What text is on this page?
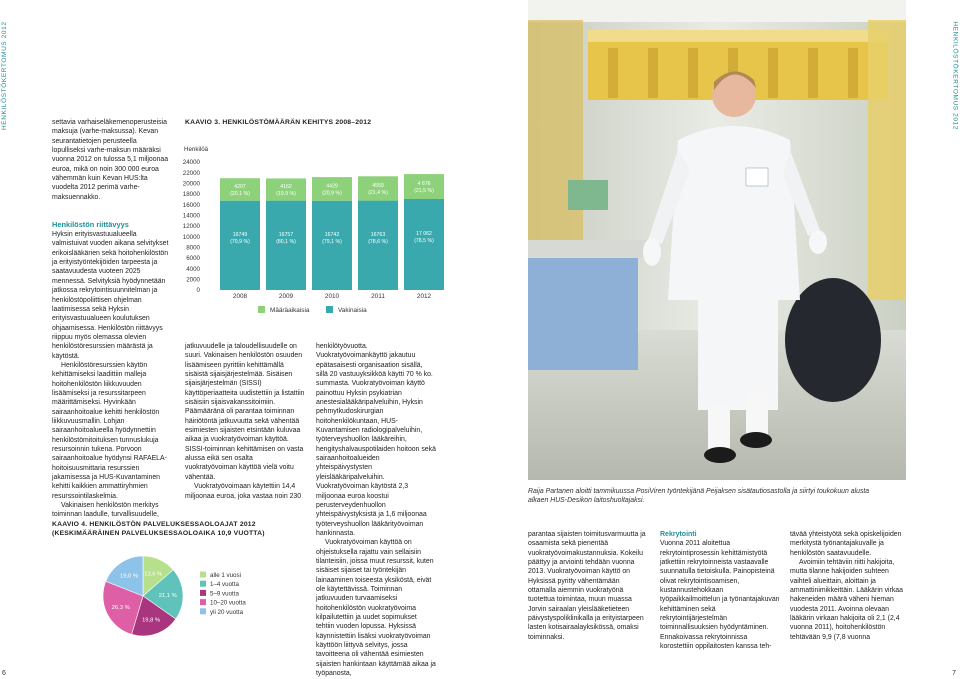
HENKILÖSTÖKERTOMUS 2012	HENKILÖSTÖKERTOMUS 2012

settavia varhaiseläkemenoperusteisia maksuja (varhe-maksussa). Kevan seurantatietojen perusteella lopulliseksi varhe-maksun määräksi vuonna 2012 on tulossa 5,1 miljoonaa euroa, mikä on noin 300 000 euroa vähemmän kuin Kevan HUS:lta vuodelta 2012 perimä varhe-maksuennakko.

Henkilöstön riittävyys

Hyksin erityisvastuualueella valmistuivat vuoden aikana selvitykset erikoislääkärien sekä hoitohenkilöstön ja erityistyöntekijöiden tarpeesta ja saatavuudesta vuoteen 2025 mennessä. Selvityksiä hyödynnetään jatkossa rekrytointisuunnitelman ja henkilöstöpoliittisen ohjelman laatimisessa sekä Hyksin erityisvastuualueen koulutuksen ohjaamisessa. Henkilöstön riittävyys riippuu myös olemassa olevien henkilöstöresurssien määrästä ja käytöstä.

Henkilöstöresurssien käytön kehittämiseksi laadittiin malleja hoitohenkilöstön liikkuvuuden lisäämiseksi ja resurssitarpeen määrittämiseksi. Hyvinkään sairaanhoitoalue kehitti henkilöstön liikkuvuusmallin. Lohjan sairaanhoitoalueella hyödynnettiin henkilöstömitoituksen tunnuslukuja resursoinnin tukena. Porvoon sairaanhoitoalue hyödynsi RAFAELA-hoitoisuusmittaria resurssien jakamisessa ja HUS-Kuvantaminen kehitti kaikkien ammattiryhmien resurssointilaskelmia.

Vakinaisen henkilöstön merkitys toiminnan laadulle, turvallisuudelle,

KAAVIO 3. HENKILÖSTÖMÄÄRÄN KEHITYS 2008–2012
Henkilöä
0
2000
4000
6000
8000
10000
12000
14000
16000
18000
20000
22000
24000
16749
(79,9 %)
4207
(20,1 %)
2008
16757
(80,1 %)
4162
(19,9 %)
2009
16742
(79,1 %)
4429
(20,9 %)
2010
16763
(78,6 %)
4559
(21,4 %)
2011
17 062
(78,5 %)
4 676
(21,5 %)
2012
Määräaikaisia	Vakinaisia

jatkuvuudelle ja taloudellisuudelle on suuri. Vakinaisen henkilöstön osuuden lisäämiseen pyrittiin kehittämällä sisäistä sijaisjärjestelmää. Sisäisen sijaisjärjestelmän (SISSI) käyttöperiaatteita uudistettiin ja listattiin sisäisiin sijaisvakanssitoimiin. Päämääränä oli parantaa toiminnan häiriötöntä jatkuvuutta sekä vähentää esimiesten sijaisten etsintään kuluvaa aikaa ja vuokratyövoiman käyttöä. SISSI-toiminnan kehittämisen on vasta alussa eikä sen osalta vuokratyövoiman käyttöä vielä voitu vähentää.

Vuokratyövoimaan käytettiin 14,4 miljoonaa euroa, joka vastaa noin 230

henkilötyövuotta. Vuokratyövoimankäyttö jakautuu epätasaisesti organisaation sisällä, sillä 20 vastuuyksikköä käytti 70 % ko. summasta. Vuokratyövoiman käyttö painottuu Hyksin psykiatrian anestesialääkäripalveluihin, Hyksin pehmytkudoskirurgian hoitohenkilökuntaan, HUS-Kuvantamisen radiologipalveluihin, työterveyshuollon lääkäreihin, hengityshalvauspotilaiden hoitoon sekä sairaanhoitoalueiden yhteispäivystysten yleislääkäripalveluihin. Vuokratyövoiman käytöstä 2,3 miljoonaa euroa koostui perusterveydenhuollon yhteispäivystyksistä ja 1,6 miljoonaa työterveyshuollon lääkärityövoiman hankinnasta.

Vuokratyövoiman käyttöä on ohjeistuksella rajattu vain sellaisiin tilanteisiin, joissa muut resurssit, kuten sisäiset sijaiset tai työntekijän lainaaminen toiseesta yksiköstä, eivät ole käytettävissä. Toiminnan jatkuvuuden turvaamiseksi hoitohenkilöstön vuokratyövoima kilpailutettiin ja uudet sopimukset tehtiin vuoden lopussa. Hyksissä käynnistettiin lisäksi vuokratyövoiman käyttöön liittyvä selvitys, jossa tavoitteena oli vähentää esimiesten sijaisten hankintaan käyttämää aikaa ja työpanosta,

KAAVIO 4. HENKILÖSTÖN PALVELUKSESSAOLOAJAT 2012 (KESKIMÄÄRÄINEN PALVELUKSESSAOLOAIKA 10,9 VUOTTA)
13,6 %
21,1 %
19,8 %
26,3 %
19,0 %	alle 1 vuosi
1–4 vuotta
5–9 vuotta
10–20 vuotta
yli 20 vuotta
Raija Partanen aloitti tammikuussa PosiViren työntekijänä Peijaksen sisätautiosastolla ja siirtyi toukokuun alusta alkaen HUS-Desikon laitoshuoltajaksi.

parantaa sijaisten toimitusvarmuutta ja osaamista sekä pienentää vuokratyövoimakustannuksia. Kokeilu päättyy ja arviointi tehdään vuonna 2013. Vuokratyövoiman käyttö on Hyksissä pyritty vähentämään ottamalla aiemmin vuokratyönä tuotettua toimintaa, muun muassa Jorvin sairaalan yleislääketieteen päivystyspoliklinikalla ja erityistarpeen lasten kotisairaalayksikössä, omaksi toiminnaksi.

Rekrytointi

Vuonna 2011 aloitettua rekrytointiprosessin kehittämistyötä jatkettiin rekrytoinneista vastaavalle suunnatulla tietoiskulla. Painopisteinä olivat rekrytointisoamisen, kustannustehokkaan työpaikkailmoittelun ja työnantajakuvan kehittäminen sekä rekrytointijärjestelmän toiminnallisuuksien hyödyntäminen. Ennakoivassa rekrytoinnissa korostettiin oppilaitosten kanssa teh-

tävää yhteistyötä sekä opiskelijoiden merkitystä työnantajakuvalle ja henkilöstön saatavuudelle.

Avoimiin tehtäviin riitti hakijoita, mutta tilanne hakijoiden suhteen vaihteli alueittain, aloittain ja ammattinimikkeittäin. Lääkärin virkaa hakeneiden määrä väheni hieman vuodesta 2011. Avoinna olevaan lääkärin virkaan hakijoita oli 2,1 (2,4 vuonna 2011), hoitohenkilöstön tehtävään 9,9 (7,8 vuonna

6	7
